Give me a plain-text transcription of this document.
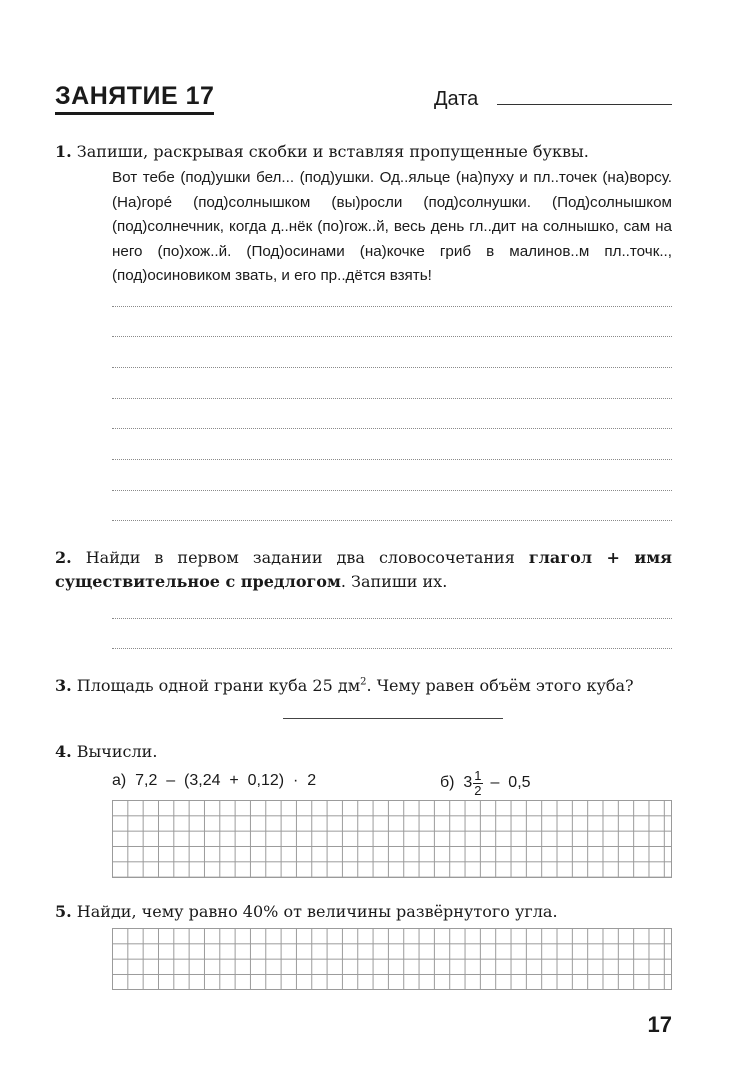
ЗАНЯТИЕ 17	Дата
1. Запиши, раскрывая скобки и вставляя пропущенные буквы.
Вот тебе (под)ушки бел... (под)ушки. Од..яльце (на)пуху и пл..точек (на)ворсу. (На)горé (под)солнышком (вы)росли (под)солнушки. (Под)солнышком (под)солнечник, когда д..нёк (по)гож..й, весь день гл..дит на солнышко, сам на него (по)хож..й. (Под)осинами (на)кочке гриб в малинов..м пл..точк.., (под)осиновиком звать, и его пр..дётся взять!
2. Найди в первом задании два словосочетания глагол + имя существительное с предлогом. Запиши их.
3. Площадь одной грани куба 25 $дм^2$. Чему равен объём этого куба?
4. Вычисли.
а)  7,2  –  (3,24  +  0,12)  ·  2	б)  $3 \frac{1}{2} - 0,5$
5. Найди, чему равно 40% от величины развёрнутого угла.
17
